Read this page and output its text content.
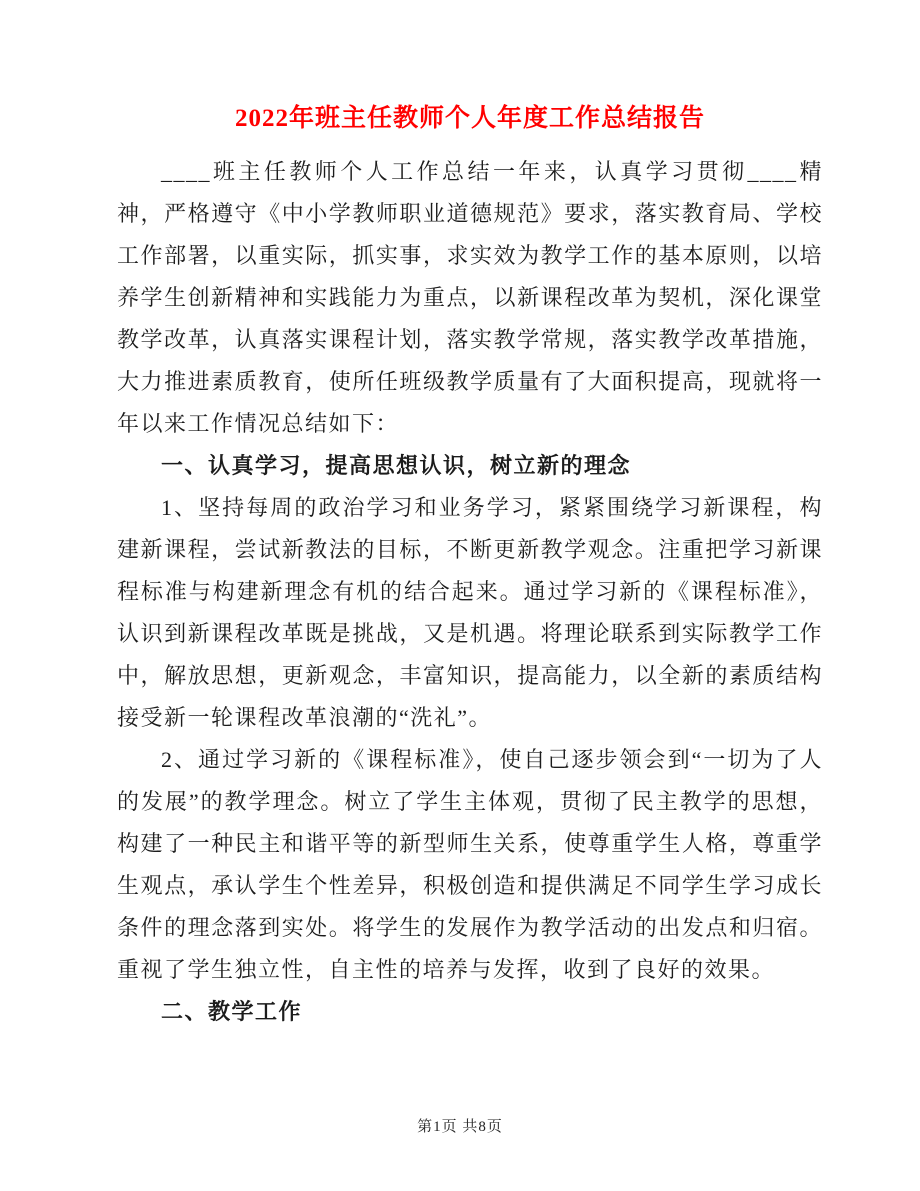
2022年班主任教师个人年度工作总结报告

____班主任教师个人工作总结一年来，认真学习贯彻____精神，严格遵守《中小学教师职业道德规范》要求，落实教育局、学校工作部署，以重实际，抓实事，求实效为教学工作的基本原则，以培养学生创新精神和实践能力为重点，以新课程改革为契机，深化课堂教学改革，认真落实课程计划，落实教学常规，落实教学改革措施，大力推进素质教育，使所任班级教学质量有了大面积提高，现就将一年以来工作情况总结如下：

一、认真学习，提高思想认识，树立新的理念

1、坚持每周的政治学习和业务学习，紧紧围绕学习新课程，构建新课程，尝试新教法的目标，不断更新教学观念。注重把学习新课程标准与构建新理念有机的结合起来。通过学习新的《课程标准》，认识到新课程改革既是挑战，又是机遇。将理论联系到实际教学工作中，解放思想，更新观念，丰富知识，提高能力，以全新的素质结构接受新一轮课程改革浪潮的“洗礼”。

2、通过学习新的《课程标准》，使自己逐步领会到“一切为了人的发展”的教学理念。树立了学生主体观，贯彻了民主教学的思想，构建了一种民主和谐平等的新型师生关系，使尊重学生人格，尊重学生观点，承认学生个性差异，积极创造和提供满足不同学生学习成长条件的理念落到实处。将学生的发展作为教学活动的出发点和归宿。重视了学生独立性，自主性的培养与发挥，收到了良好的效果。

二、教学工作

第1页 共8页
